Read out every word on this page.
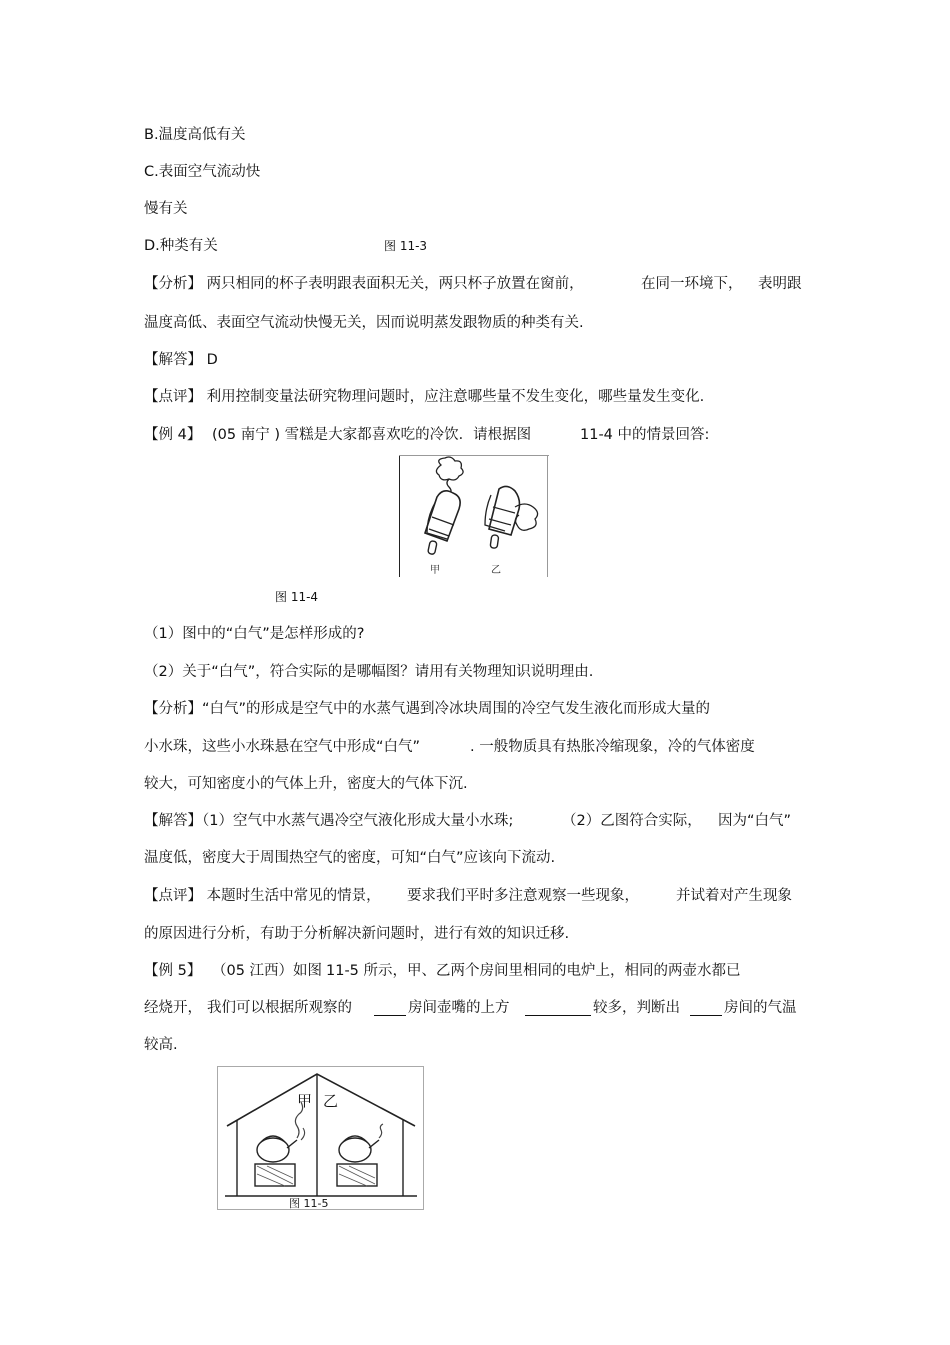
B.温度高低有关
C.表面空气流动快
慢有关
D.种类有关	图 11-3
【分析】 两只相同的杯子表明跟表面积无关，两只杯子放置在窗前，	在同一环境下， 表明跟
温度高低、表面空气流动快慢无关，因而说明蒸发跟物质的种类有关.
【解答】 D
【点评】 利用控制变量法研究物理问题时，应注意哪些量不发生变化，哪些量发生变化.
【例 4】 (05 南宁 ) 雪糕是大家都喜欢吃的冷饮．请根据图	11-4 中的情景回答:
甲	乙
图 11-4
（1）图中的“白气”是怎样形成的?
（2）关于“白气”，符合实际的是哪幅图？请用有关物理知识说明理由.
【分析】“白气”的形成是空气中的水蒸气遇到冷冰块周围的冷空气发生液化而形成大量的
小水珠，这些小水珠悬在空气中形成“白气”	. 一般物质具有热胀冷缩现象，冷的气体密度
较大，可知密度小的气体上升，密度大的气体下沉.
【解答】（1）空气中水蒸气遇冷空气液化形成大量小水珠;	（2）乙图符合实际， 因为“白气”
温度低，密度大于周围热空气的密度，可知“白气”应该向下流动.
【点评】 本题时生活中常见的情景， 要求我们平时多注意观察一些现象，	并试着对产生现象
的原因进行分析，有助于分析解决新问题时，进行有效的知识迁移.
【例 5】 （05 江西）如图 11-5 所示，甲、乙两个房间里相同的电炉上，相同的两壶水都已
经烧开， 我们可以根据所观察的	房间壶嘴的上方	较多，判断出	房间的气温
较高.
甲 乙
图 11-5
